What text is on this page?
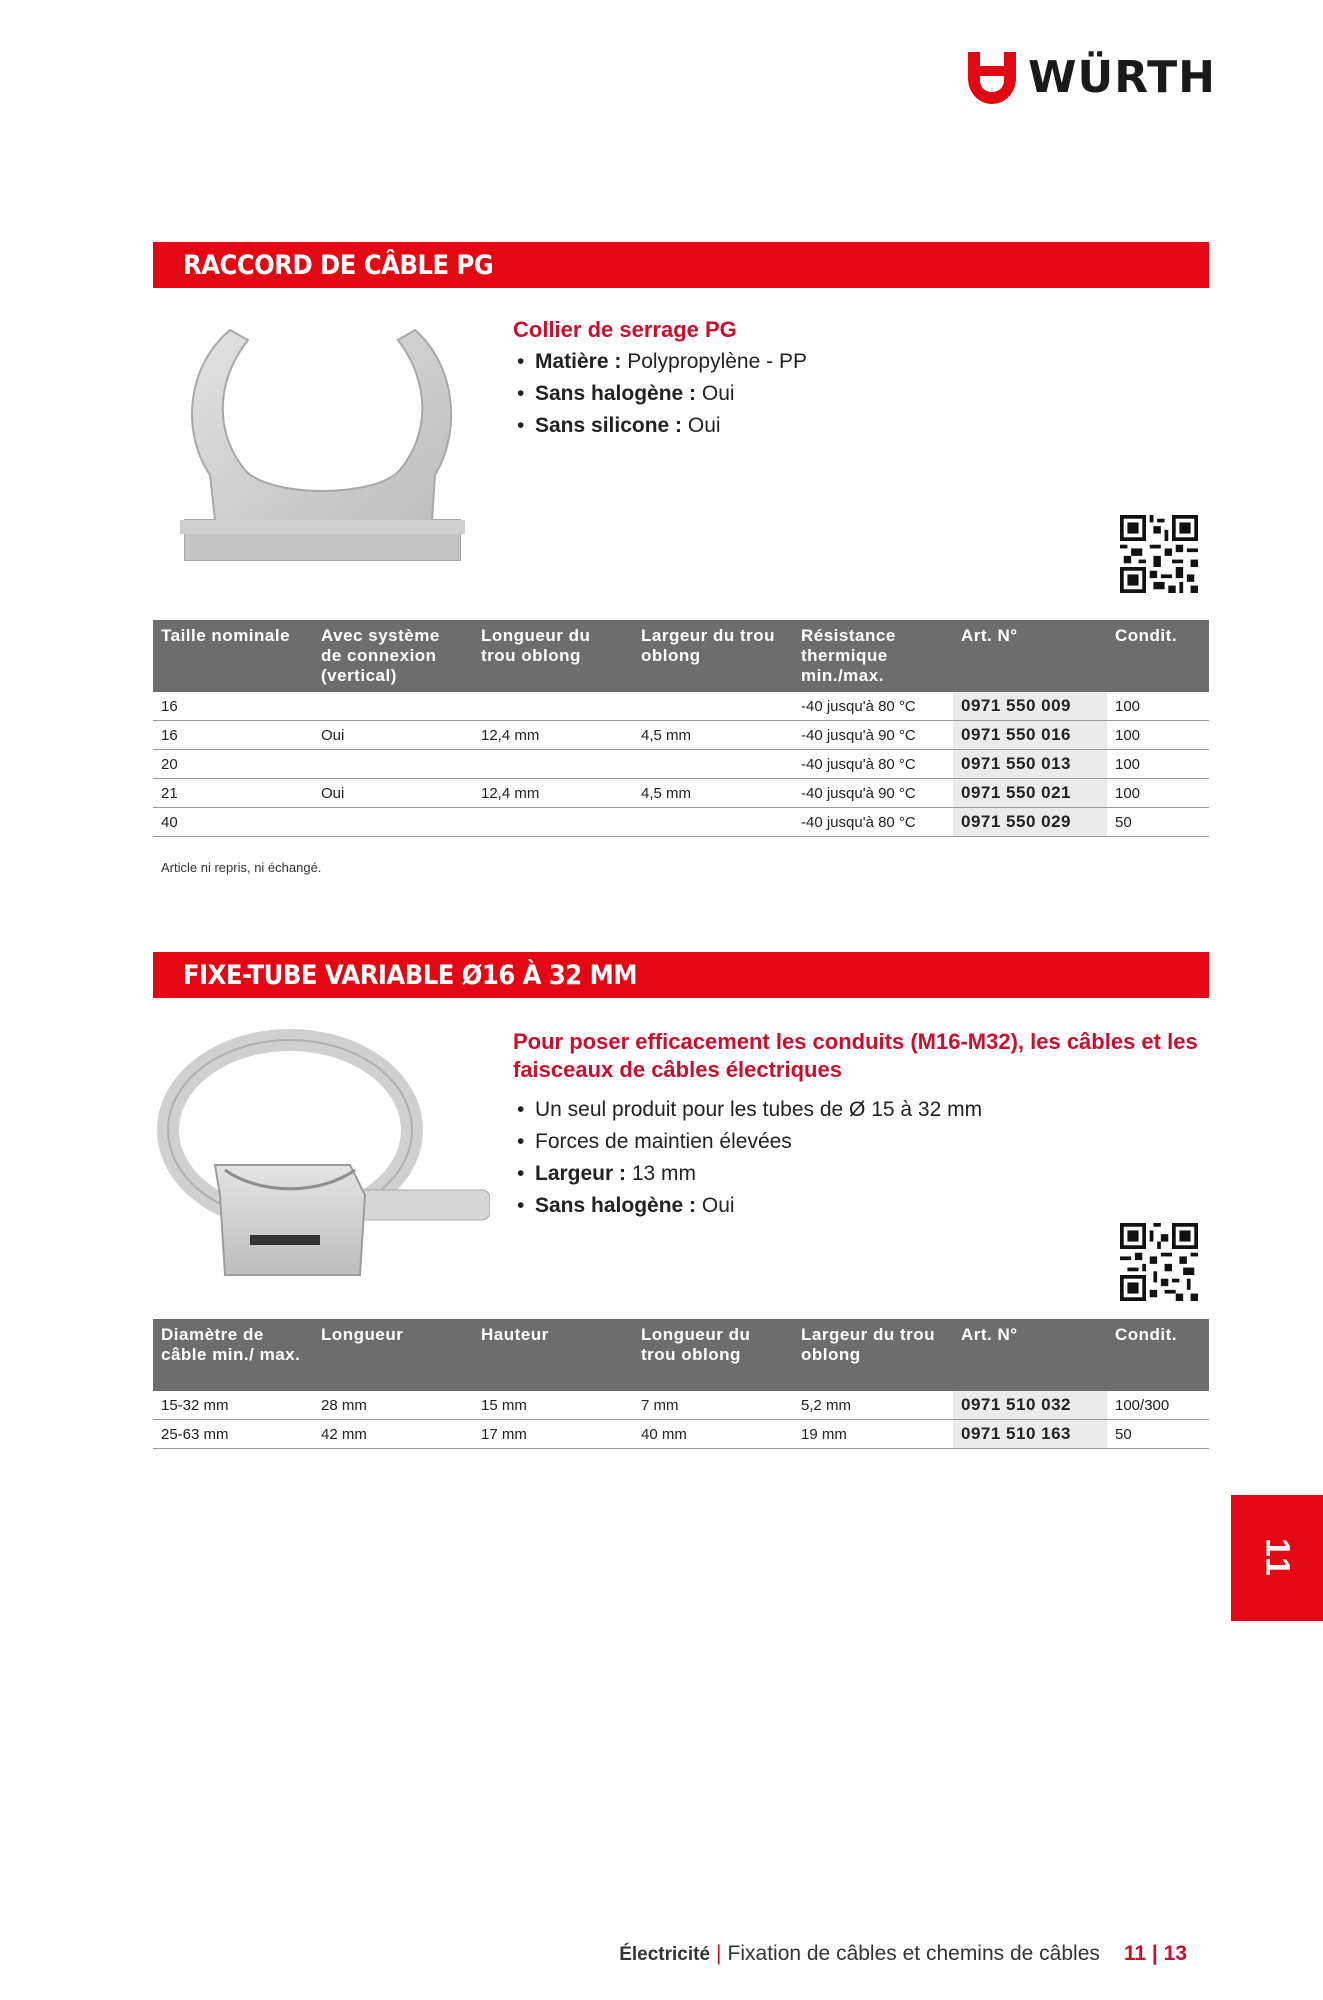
WÜRTH
RACCORD DE CÂBLE PG
Collier de serrage PG
• Matière : Polypropylène - PP
• Sans halogène : Oui
• Sans silicone : Oui
Taille nominale	Avec système de connexion (vertical)	Longueur du trou oblong	Largeur du trou oblong	Résistance thermique min./max.	Art. N°	Condit.
16				-40 jusqu'à 80 °C	0971 550 009	100
16	Oui	12,4 mm	4,5 mm	-40 jusqu'à 90 °C	0971 550 016	100
20				-40 jusqu'à 80 °C	0971 550 013	100
21	Oui	12,4 mm	4,5 mm	-40 jusqu'à 90 °C	0971 550 021	100
40				-40 jusqu'à 80 °C	0971 550 029	50
Article ni repris, ni échangé.
FIXE-TUBE VARIABLE Ø16 À 32 MM
Pour poser efficacement les conduits (M16-M32), les câbles et les faisceaux de câbles électriques
• Un seul produit pour les tubes de Ø 15 à 32 mm
• Forces de maintien élevées
• Largeur : 13 mm
• Sans halogène : Oui
Diamètre de câble min./ max.	Longueur	Hauteur	Longueur du trou oblong	Largeur du trou oblong	Art. N°	Condit.
15-32 mm	28 mm	15 mm	7 mm	5,2 mm	0971 510 032	100/300
25-63 mm	42 mm	17 mm	40 mm	19 mm	0971 510 163	50
11
Électricité | Fixation de câbles et chemins de câbles 11 | 13
